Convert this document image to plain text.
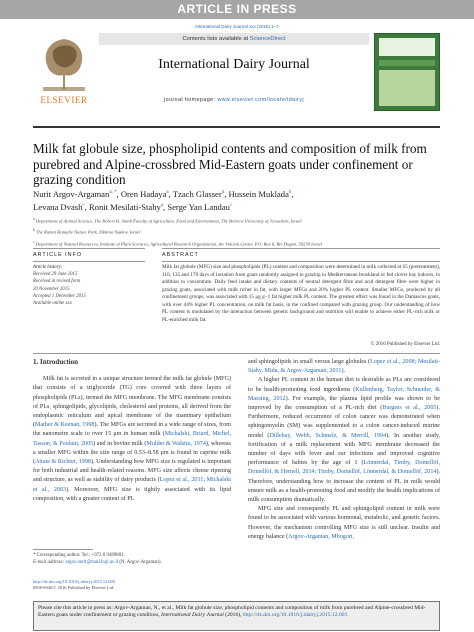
ARTICLE IN PRESS
International Dairy Journal xxx (2016) 1–7
ELSEVIER
Contents lists available at ScienceDirect
International Dairy Journal
journal homepage: www.elsevier.com/locate/idairyj
Milk fat globule size, phospholipid contents and composition of milk from purebred and Alpine-crossbred Mid-Eastern goats under confinement or grazing condition
Nurit Argov-Argaman$^{a, *}$, Oren Hadaya$^a$, Tzach Glasser$^b$, Hussein Muklada$^b$,
Levana Dvash$^c$, Ronit Mesilati-Stahy$^a$, Serge Yan Landau$^c$
$^a$ Department of Animal Science, The Robert H. Smith Faculty of Agriculture, Food and Environment, The Hebrew University of Jerusalem, Israel
$^b$ The Ramat Hanadiv Nature Park, Zikhron Yaakov, Israel
$^c$ Department of Natural Resources, Institute of Plant Sciences, Agricultural Research Organization, the Volcani Center, P.O. Box 6, Bet Dagan, 50250 Israel
ARTICLE INFO
Article history:
Received 29 June 2015
Received in revised form
20 November 2015
Accepted 1 December 2015
Available online xxx
ABSTRACT
Milk fat globule (MFG) size and phospholipids (PL) content and composition were determined in milk collected at 65 (pretreatment), 110, 135 and 170 days of lactation from goats randomly assigned to grazing in Mediterranean brushland or fed clover hay indoors, in addition to concentrate. Daily feed intake and dietary contents of neutral detergent fibre and acid detergent fibre were higher in grazing goats, associated with milk richer in fat, with larger MFGs and 20% higher PL content. Smaller MFGs, produced by all confinement groups, was associated with 15 μg g−1 fat higher milk PL content. The greatest effect was found in the Damascus goats, with over 44% higher PL concentration, on milk fat basis, in the confined compared with grazing group. Our understanding of how PL content is modulated by the interaction between genetic background and nutrition will enable to achieve either PL-rich milk or PL-enriched milk fat.
© 2016 Published by Elsevier Ltd.
1. Introduction

Milk fat is secreted in a unique structure termed the milk fat globule (MFG) that consists of a triglyceride (TG) core covered with three layers of phospholipids (PLs), termed the MFG membrane. The MFG membrane consists of PLs, sphingolipids, glycolipids, cholesterol and proteins, all derived from the endoplasmic reticulum and apical membrane of the mammary epithelium (Mather & Keenan, 1998). The MFGs are secreted in a wide range of sizes, from the nanometre scale to over 15 μm in human milk (Michalski, Briard, Michel, Tasson, & Poulain, 2005) and in bovine milk (Mulder & Walstra, 1974), whereas a smaller MFG within the size range of 0.53–8.58 μm is found in caprine milk (Attaie & Richter, 1998). Understanding how MFG size is regulated is important for both industrial and health-related reasons. MFG size affects cheese ripening and structure, as well as stability of dairy products (Lopez et al., 2011; Michalski et al., 2003). Moreover, MFG size is tightly associated with its lipid composition, with a greater content of PL

and sphingolipids in small versus large globules (Lopez et al., 2008; Mesilati-Stahy, Mida, & Argov-Argaman, 2011).

A higher PL content in the human diet is desirable as PLs are considered to be health-promoting food ingredients (Kullenberg, Taylor, Schneider, & Massing, 2012). For example, the plasma lipid profile was shown to be improved by the consumption of a PL-rich diet (Burgess et al., 2005). Furthermore, reduced occurrence of colon cancer was demonstrated when sphingomyelin (SM) was supplemented to a colon cancer-induced murine model (Dillehay, Webb, Schmelz, & Merrill, 1994). In another study, fortification of a milk replacement with MFG membrane decreased the number of days with fever and ear infections and improved cognitive performance of babies by the age of 1 (Lönnerdal, Timby, Domellöf, Domellöf, & Hernell, 2014; Timby, Domellöf, Lönnerdal, & Domellöf, 2014). Therefore, understanding how to increase the content of PL in milk would ensure milk as a health-promoting food and modify the health implications of milk consumption dramatically.

MFG size and consequently PL and sphingolipid content in milk were found to be associated with various hormonal, metabolic, and genetic factors. However, the mechanism controlling MFG size is still unclear. Insulin and energy balance (Argov-Argaman, Mbogori,

* Corresponding author. Tel.: +972 8 9489801.
E-mail address: argov.nurit@mail.huji.ac.il (N. Argov-Argaman).
http://dx.doi.org/10.1016/j.idairyj.2015.12.003
0958-6946/© 2016 Published by Elsevier Ltd.
Please cite this article in press as: Argov-Argaman, N., et al., Milk fat globule size, phospholipid contents and composition of milk from purebred and Alpine-crossbred Mid-Eastern goats under confinement or grazing condition, International Dairy Journal (2016), http://dx.doi.org/10.1016/j.idairyj.2015.12.003
